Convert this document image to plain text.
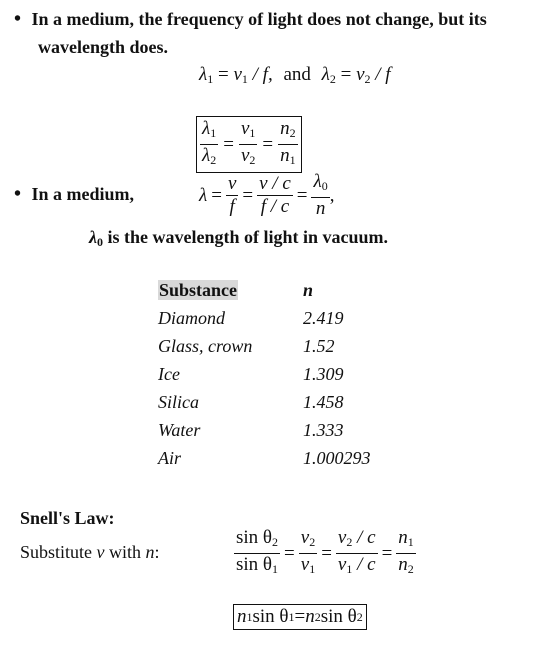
• In a medium, the frequency of light does not change, but its
wavelength does.
$\lambda_1 = v_1 / f$, and $\lambda_2 = v_2 / f$
$\frac{\lambda_1}{\lambda_2} = \frac{v_1}{v_2} = \frac{n_2}{n_1}$
• In a medium,	$\lambda = \frac{v}{f} = \frac{v / c}{f / c} = \frac{\lambda_0}{n}$ ,
$\lambda_0$ is the wavelength of light in vacuum.
Substance	n
Diamond	2.419
Glass, crown	1.52
Ice	1.309
Silica	1.458
Water	1.333
Air	1.000293
Snell's Law:
Substitute v with n:	$\frac{\sin \theta_2}{\sin \theta_1} = \frac{v_2}{v_1} = \frac{v_2 / c}{v_1 / c} = \frac{n_1}{n_2}$
n 1 sin θ 1 = n 2 sin θ 2
